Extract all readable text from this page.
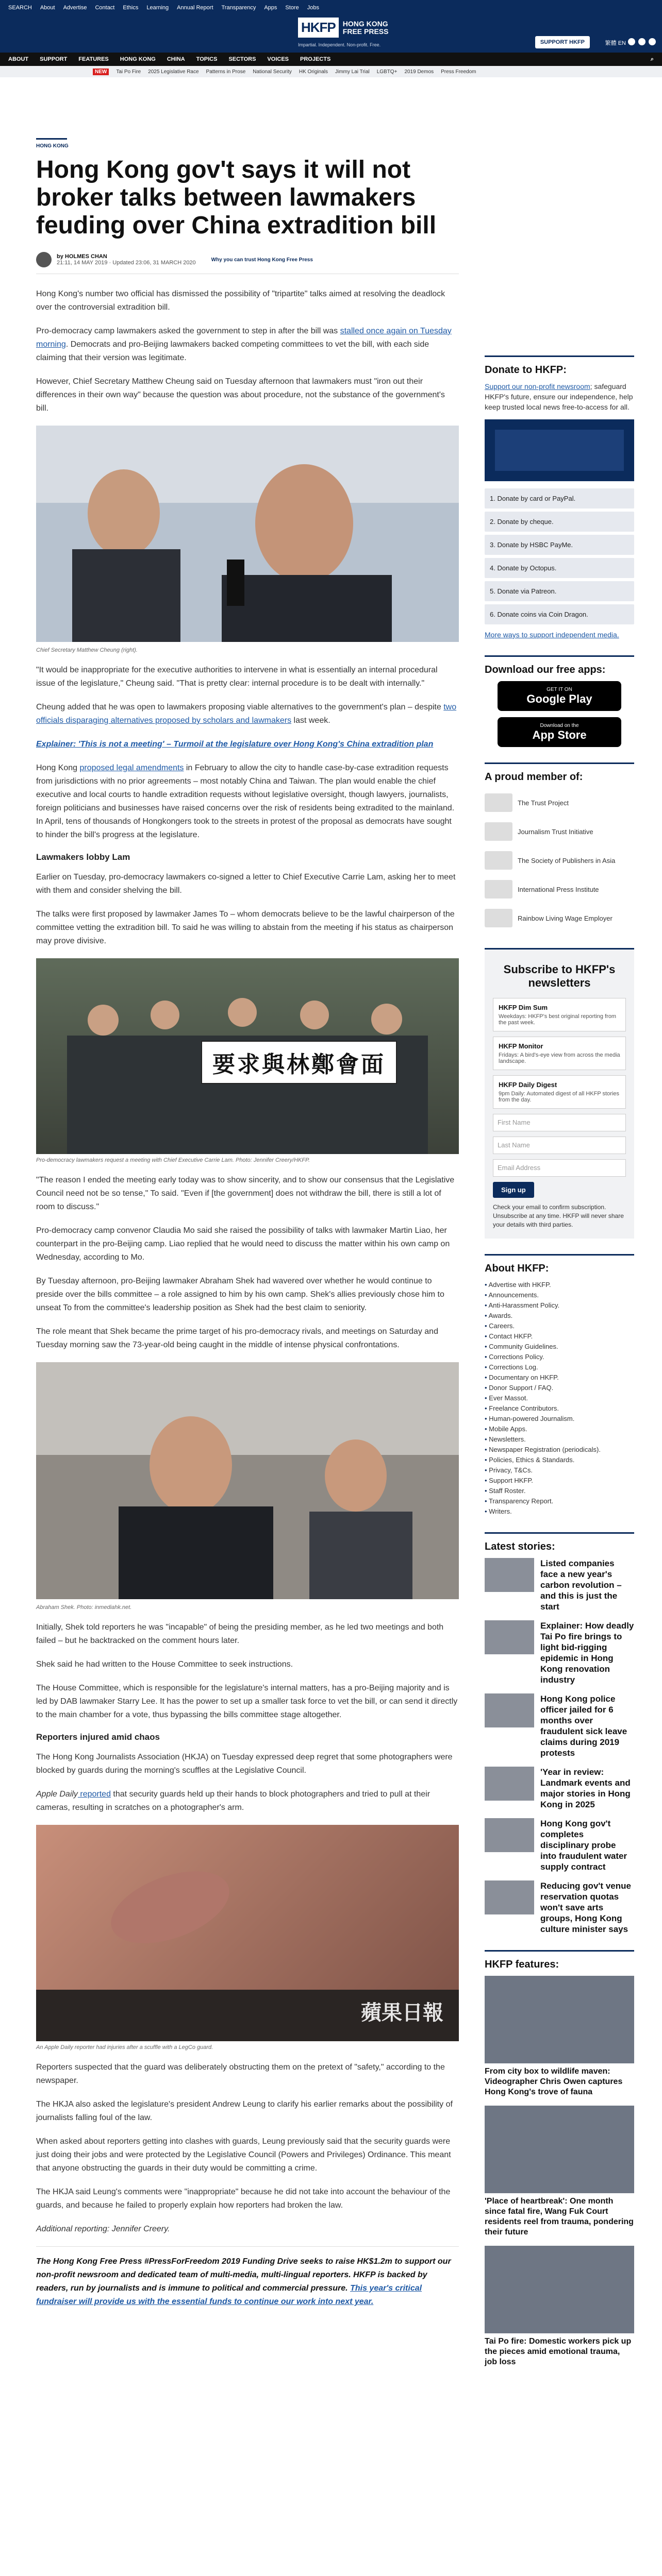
SEARCH About Advertise Contact Ethics Learning Annual Report Transparency Apps Store Jobs
HKFP	HONG KONG
FREE PRESS
Impartial. Independent. Non-profit. Free.	SUPPORT HKFP	繁體 EN
ABOUT SUPPORT FEATURES HONG KONG CHINA TOPICS SECTORS VOICES PROJECTS	⌕
NEW	Tai Po Fire 2025 Legislative Race Patterns in Prose National Security HK Originals Jimmy Lai Trial LGBTQ+ 2019 Demos Press Freedom
HONG KONG
Hong Kong gov't says it will not broker talks between lawmakers feuding over China extradition bill
by HOLMES CHAN
21:11, 14 MAY 2019 · Updated 23:06, 31 MARCH 2020	Why you can trust Hong Kong Free Press

Hong Kong's number two official has dismissed the possibility of "tripartite" talks aimed at resolving the deadlock over the controversial extradition bill.

Pro-democracy camp lawmakers asked the government to step in after the bill was stalled once again on Tuesday morning. Democrats and pro-Beijing lawmakers backed competing committees to vet the bill, with each side claiming that their version was legitimate.

However, Chief Secretary Matthew Cheung said on Tuesday afternoon that lawmakers must "iron out their differences in their own way" because the question was about procedure, not the substance of the government's bill.

Chief Secretary Matthew Cheung (right).

"It would be inappropriate for the executive authorities to intervene in what is essentially an internal procedural issue of the legislature," Cheung said. "That is pretty clear: internal procedure is to be dealt with internally."

Cheung added that he was open to lawmakers proposing viable alternatives to the government's plan – despite two officials disparaging alternatives proposed by scholars and lawmakers last week.

Explainer: 'This is not a meeting' – Turmoil at the legislature over Hong Kong's China extradition plan

Hong Kong proposed legal amendments in February to allow the city to handle case-by-case extradition requests from jurisdictions with no prior agreements – most notably China and Taiwan. The plan would enable the chief executive and local courts to handle extradition requests without legislative oversight, though lawyers, journalists, foreign politicians and businesses have raised concerns over the risk of residents being extradited to the mainland. In April, tens of thousands of Hongkongers took to the streets in protest of the proposal as democrats have sought to hinder the bill's progress at the legislature.

Lawmakers lobby Lam

Earlier on Tuesday, pro-democracy lawmakers co-signed a letter to Chief Executive Carrie Lam, asking her to meet with them and consider shelving the bill.

The talks were first proposed by lawmaker James To – whom democrats believe to be the lawful chairperson of the committee vetting the extradition bill. To said he was willing to abstain from the meeting if his status as chairperson may prove divisive.

要求與林鄭會面
Pro-democracy lawmakers request a meeting with Chief Executive Carrie Lam. Photo: Jennifer Creery/HKFP.

"The reason I ended the meeting early today was to show sincerity, and to show our consensus that the Legislative Council need not be so tense," To said. "Even if [the government] does not withdraw the bill, there is still a lot of room to discuss."

Pro-democracy camp convenor Claudia Mo said she raised the possibility of talks with lawmaker Martin Liao, her counterpart in the pro-Beijing camp. Liao replied that he would need to discuss the matter within his own camp on Wednesday, according to Mo.

By Tuesday afternoon, pro-Beijing lawmaker Abraham Shek had wavered over whether he would continue to preside over the bills committee – a role assigned to him by his own camp. Shek's allies previously chose him to unseat To from the committee's leadership position as Shek had the best claim to seniority.

The role meant that Shek became the prime target of his pro-democracy rivals, and meetings on Saturday and Tuesday morning saw the 73-year-old being caught in the middle of intense physical confrontations.

Abraham Shek. Photo: inmediahk.net.

Initially, Shek told reporters he was "incapable" of being the presiding member, as he led two meetings and both failed – but he backtracked on the comment hours later.

Shek said he had written to the House Committee to seek instructions.

The House Committee, which is responsible for the legislature's internal matters, has a pro-Beijing majority and is led by DAB lawmaker Starry Lee. It has the power to set up a smaller task force to vet the bill, or can send it directly to the main chamber for a vote, thus bypassing the bills committee stage altogether.

Reporters injured amid chaos

The Hong Kong Journalists Association (HKJA) on Tuesday expressed deep regret that some photographers were blocked by guards during the morning's scuffles at the Legislative Council.

Apple Daily reported that security guards held up their hands to block photographers and tried to pull at their cameras, resulting in scratches on a photographer's arm.

蘋果日報
An Apple Daily reporter had injuries after a scuffle with a LegCo guard.

Reporters suspected that the guard was deliberately obstructing them on the pretext of "safety," according to the newspaper.

The HKJA also asked the legislature's president Andrew Leung to clarify his earlier remarks about the possibility of journalists falling foul of the law.

When asked about reporters getting into clashes with guards, Leung previously said that the security guards were just doing their jobs and were protected by the Legislative Council (Powers and Privileges) Ordinance. This meant that anyone obstructing the guards in their duty would be committing a crime.

The HKJA said Leung's comments were "inappropriate" because he did not take into account the behaviour of the guards, and because he failed to properly explain how reporters had broken the law.

Additional reporting: Jennifer Creery.

The Hong Kong Free Press #PressForFreedom 2019 Funding Drive seeks to raise HK$1.2m to support our non-profit newsroom and dedicated team of multi-media, multi-lingual reporters. HKFP is backed by readers, run by journalists and is immune to political and commercial pressure. This year's critical fundraiser will provide us with the essential funds to continue our work into next year.

Donate to HKFP:

Support our non-profit newsroom; safeguard HKFP's future, ensure our independence, help keep trusted local news free-to-access for all.

1. Donate by card or PayPal.
2. Donate by cheque.
3. Donate by HSBC PayMe.
4. Donate by Octopus.
5. Donate via Patreon.
6. Donate coins via Coin Dragon.

More ways to support independent media.

Download our free apps:
GET IT ON
Google Play
Download on the
App Store
A proud member of:
The Trust Project
Journalism Trust Initiative
The Society of Publishers in Asia
International Press Institute
Rainbow Living Wage Employer
Subscribe to HKFP's newsletters
HKFP Dim Sum
Weekdays: HKFP's best original reporting from the past week.
HKFP Monitor
Fridays: A bird's-eye view from across the media landscape.
HKFP Daily Digest
9pm Daily: Automated digest of all HKFP stories from the day.
First Name
Last Name
Email Address
Sign up

Check your email to confirm subscription. Unsubscribe at any time. HKFP will never share your details with third parties.

About HKFP:
• Advertise with HKFP.
• Announcements.
• Anti-Harassment Policy.
• Awards.
• Careers.
• Contact HKFP.
• Community Guidelines.
• Corrections Policy.
• Corrections Log.
• Documentary on HKFP.
• Donor Support / FAQ.
• Ever Massot.
• Freelance Contributors.
• Human-powered Journalism.
• Mobile Apps.
• Newsletters.
• Newspaper Registration (periodicals).
• Policies, Ethics & Standards.
• Privacy, T&Cs.
• Support HKFP.
• Staff Roster.
• Transparency Report.
• Writers.
Latest stories:
Listed companies face a new year's carbon revolution – and this is just the start
Explainer: How deadly Tai Po fire brings to light bid-rigging epidemic in Hong Kong renovation industry
Hong Kong police officer jailed for 6 months over fraudulent sick leave claims during 2019 protests
'Year in review: Landmark events and major stories in Hong Kong in 2025
Hong Kong gov't completes disciplinary probe into fraudulent water supply contract
Reducing gov't venue reservation quotas won't save arts groups, Hong Kong culture minister says
HKFP features:
From city box to wildlife maven: Videographer Chris Owen captures Hong Kong's trove of fauna
'Place of heartbreak': One month since fatal fire, Wang Fuk Court residents reel from trauma, pondering their future
Tai Po fire: Domestic workers pick up the pieces amid emotional trauma, job loss
